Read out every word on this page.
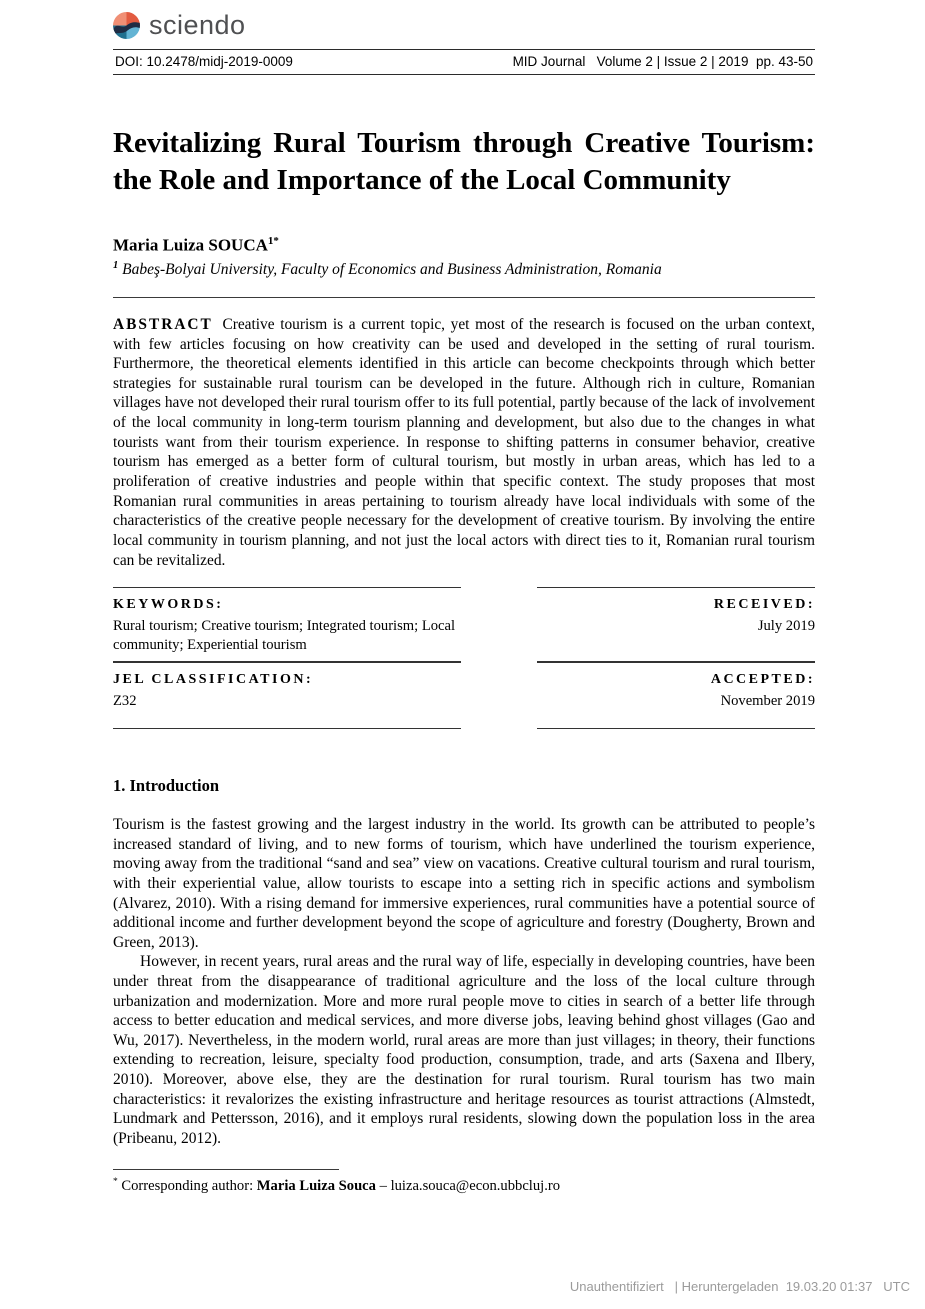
sciendo
DOI: 10.2478/midj-2019-0009	MID Journal   Volume 2 | Issue 2 | 2019  pp. 43-50
Revitalizing Rural Tourism through Creative Tourism: the Role and Importance of the Local Community
Maria Luiza $SOUCA^{1*}$
$^1$ Babeş-Bolyai University, Faculty of Economics and Business Administration, Romania

ABSTRACT Creative tourism is a current topic, yet most of the research is focused on the urban context, with few articles focusing on how creativity can be used and developed in the setting of rural tourism. Furthermore, the theoretical elements identified in this article can become checkpoints through which better strategies for sustainable rural tourism can be developed in the future. Although rich in culture, Romanian villages have not developed their rural tourism offer to its full potential, partly because of the lack of involvement of the local community in long-term tourism planning and development, but also due to the changes in what tourists want from their tourism experience. In response to shifting patterns in consumer behavior, creative tourism has emerged as a better form of cultural tourism, but mostly in urban areas, which has led to a proliferation of creative industries and people within that specific context. The study proposes that most Romanian rural communities in areas pertaining to tourism already have local individuals with some of the characteristics of the creative people necessary for the development of creative tourism. By involving the entire local community in tourism planning, and not just the local actors with direct ties to it, Romanian rural tourism can be revitalized.

KEYWORDS:
Rural tourism; Creative tourism; Integrated tourism; Local community; Experiential tourism
JEL CLASSIFICATION:
Z32
RECEIVED:
July 2019
ACCEPTED:
November 2019
1. Introduction

Tourism is the fastest growing and the largest industry in the world. Its growth can be attributed to people’s increased standard of living, and to new forms of tourism, which have underlined the tourism experience, moving away from the traditional “sand and sea” view on vacations. Creative cultural tourism and rural tourism, with their experiential value, allow tourists to escape into a setting rich in specific actions and symbolism (Alvarez, 2010). With a rising demand for immersive experiences, rural communities have a potential source of additional income and further development beyond the scope of agriculture and forestry (Dougherty, Brown and Green, 2013).

However, in recent years, rural areas and the rural way of life, especially in developing countries, have been under threat from the disappearance of traditional agriculture and the loss of the local culture through urbanization and modernization. More and more rural people move to cities in search of a better life through access to better education and medical services, and more diverse jobs, leaving behind ghost villages (Gao and Wu, 2017). Nevertheless, in the modern world, rural areas are more than just villages; in theory, their functions extending to recreation, leisure, specialty food production, consumption, trade, and arts (Saxena and Ilbery, 2010). Moreover, above else, they are the destination for rural tourism. Rural tourism has two main characteristics: it revalorizes the existing infrastructure and heritage resources as tourist attractions (Almstedt, Lundmark and Pettersson, 2016), and it employs rural residents, slowing down the population loss in the area (Pribeanu, 2012).

* Corresponding author: Maria Luiza Souca – luiza.souca@econ.ubbcluj.ro
Unauthentifiziert   | Heruntergeladen  19.03.20 01:37   UTC
